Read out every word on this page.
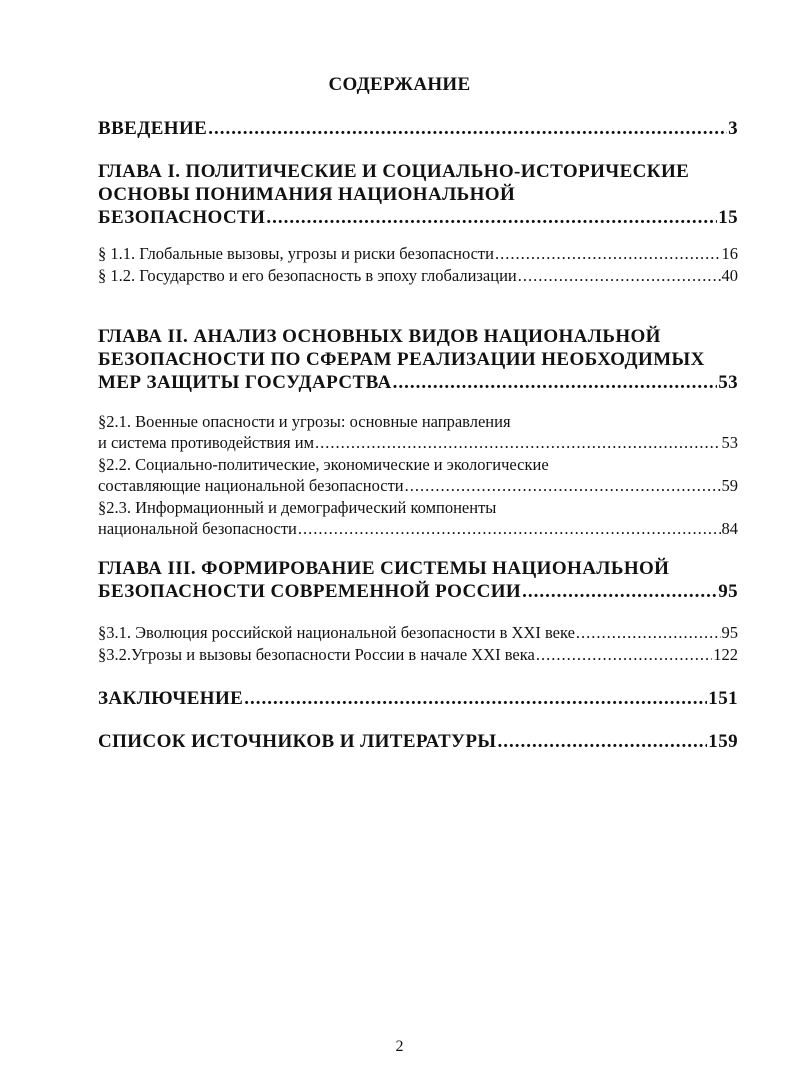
СОДЕРЖАНИЕ
ВВЕДЕНИЕ .....	3
ГЛАВА I. ПОЛИТИЧЕСКИЕ И СОЦИАЛЬНО-ИСТОРИЧЕСКИЕ
ОСНОВЫ ПОНИМАНИЯ НАЦИОНАЛЬНОЙ
БЕЗОПАСНОСТИ .....	15
§ 1.1. Глобальные вызовы, угрозы и риски безопасности .....	16
§ 1.2. Государство и его безопасность в эпоху глобализации .....	40
ГЛАВА II. АНАЛИЗ ОСНОВНЫХ ВИДОВ НАЦИОНАЛЬНОЙ
БЕЗОПАСНОСТИ ПО СФЕРАМ РЕАЛИЗАЦИИ НЕОБХОДИМЫХ
МЕР ЗАЩИТЫ ГОСУДАРСТВА .....	53
§2.1. Военные опасности и угрозы: основные направления
и система противодействия им .....	53
§2.2. Социально-политические, экономические и экологические
составляющие национальной безопасности .....	59
§2.3. Информационный и демографический компоненты
национальной безопасности .....	84
ГЛАВА III. ФОРМИРОВАНИЕ СИСТЕМЫ НАЦИОНАЛЬНОЙ
БЕЗОПАСНОСТИ СОВРЕМЕННОЙ РОССИИ .....	95
§3.1. Эволюция российской национальной безопасности в XXI веке .....	95
§3.2.Угрозы и вызовы безопасности России в начале XXI века .....	122
ЗАКЛЮЧЕНИЕ .....	151
СПИСОК ИСТОЧНИКОВ И ЛИТЕРАТУРЫ .....	159
2
